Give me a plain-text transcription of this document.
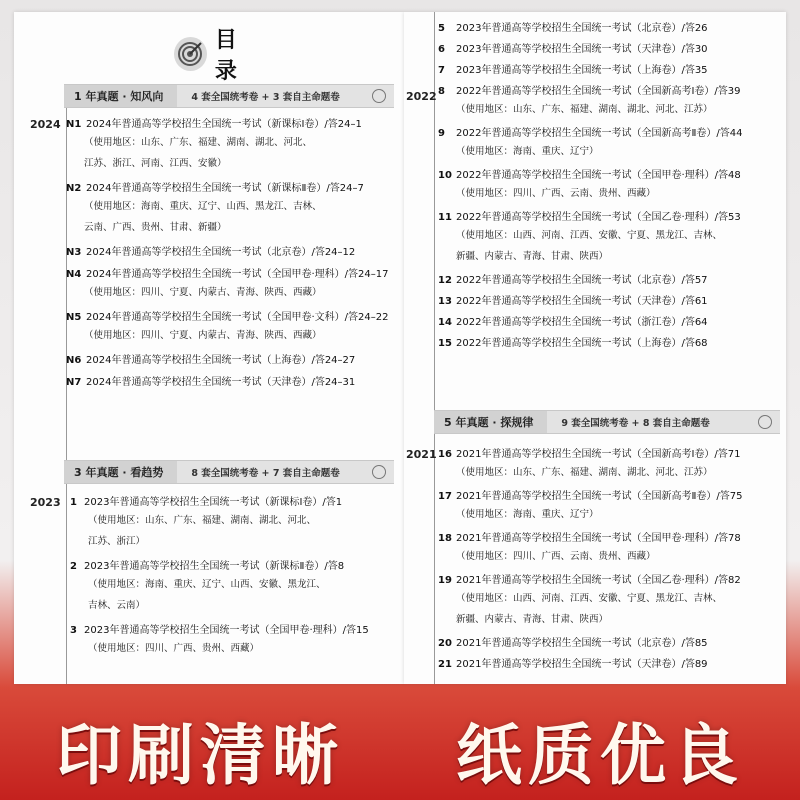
目 录
1 年真题 · 知风向	4 套全国统考卷 + 3 套自主命题卷
2024 N1 2024年普通高等学校招生全国统一考试（新课标Ⅰ卷）/答24–1
（使用地区：山东、广东、福建、湖南、湖北、河北、
江苏、浙江、河南、江西、安徽）
N2 2024年普通高等学校招生全国统一考试（新课标Ⅱ卷）/答24–7
（使用地区：海南、重庆、辽宁、山西、黑龙江、吉林、
云南、广西、贵州、甘肃、新疆）
N3 2024年普通高等学校招生全国统一考试（北京卷）/答24–12
N4 2024年普通高等学校招生全国统一考试（全国甲卷·理科）/答24–17
（使用地区：四川、宁夏、内蒙古、青海、陕西、西藏）
N5 2024年普通高等学校招生全国统一考试（全国甲卷·文科）/答24–22
（使用地区：四川、宁夏、内蒙古、青海、陕西、西藏）
N6 2024年普通高等学校招生全国统一考试（上海卷）/答24–27
N7 2024年普通高等学校招生全国统一考试（天津卷）/答24–31
3 年真题 · 看趋势	8 套全国统考卷 + 7 套自主命题卷
2023 1 2023年普通高等学校招生全国统一考试（新课标Ⅰ卷）/答1
（使用地区：山东、广东、福建、湖南、湖北、河北、
江苏、浙江）
2 2023年普通高等学校招生全国统一考试（新课标Ⅱ卷）/答8
（使用地区：海南、重庆、辽宁、山西、安徽、黑龙江、
吉林、云南）
3 2023年普通高等学校招生全国统一考试（全国甲卷·理科）/答15
（使用地区：四川、广西、贵州、西藏）
2022
5 2023年普通高等学校招生全国统一考试（北京卷）/答26
6 2023年普通高等学校招生全国统一考试（天津卷）/答30
7 2023年普通高等学校招生全国统一考试（上海卷）/答35
8 2022年普通高等学校招生全国统一考试（全国新高考Ⅰ卷）/答39
（使用地区：山东、广东、福建、湖南、湖北、河北、江苏）
9 2022年普通高等学校招生全国统一考试（全国新高考Ⅱ卷）/答44
（使用地区：海南、重庆、辽宁）
10 2022年普通高等学校招生全国统一考试（全国甲卷·理科）/答48
（使用地区：四川、广西、云南、贵州、西藏）
11 2022年普通高等学校招生全国统一考试（全国乙卷·理科）/答53
（使用地区：山西、河南、江西、安徽、宁夏、黑龙江、吉林、
新疆、内蒙古、青海、甘肃、陕西）
12 2022年普通高等学校招生全国统一考试（北京卷）/答57
13 2022年普通高等学校招生全国统一考试（天津卷）/答61
14 2022年普通高等学校招生全国统一考试（浙江卷）/答64
15 2022年普通高等学校招生全国统一考试（上海卷）/答68
5 年真题 · 探规律	9 套全国统考卷 + 8 套自主命题卷
2021 16 2021年普通高等学校招生全国统一考试（全国新高考Ⅰ卷）/答71
（使用地区：山东、广东、福建、湖南、湖北、河北、江苏）
17 2021年普通高等学校招生全国统一考试（全国新高考Ⅱ卷）/答75
（使用地区：海南、重庆、辽宁）
18 2021年普通高等学校招生全国统一考试（全国甲卷·理科）/答78
（使用地区：四川、广西、云南、贵州、西藏）
19 2021年普通高等学校招生全国统一考试（全国乙卷·理科）/答82
（使用地区：山西、河南、江西、安徽、宁夏、黑龙江、吉林、
新疆、内蒙古、青海、甘肃、陕西）
20 2021年普通高等学校招生全国统一考试（北京卷）/答85
21 2021年普通高等学校招生全国统一考试（天津卷）/答89
印刷清晰 纸质优良
